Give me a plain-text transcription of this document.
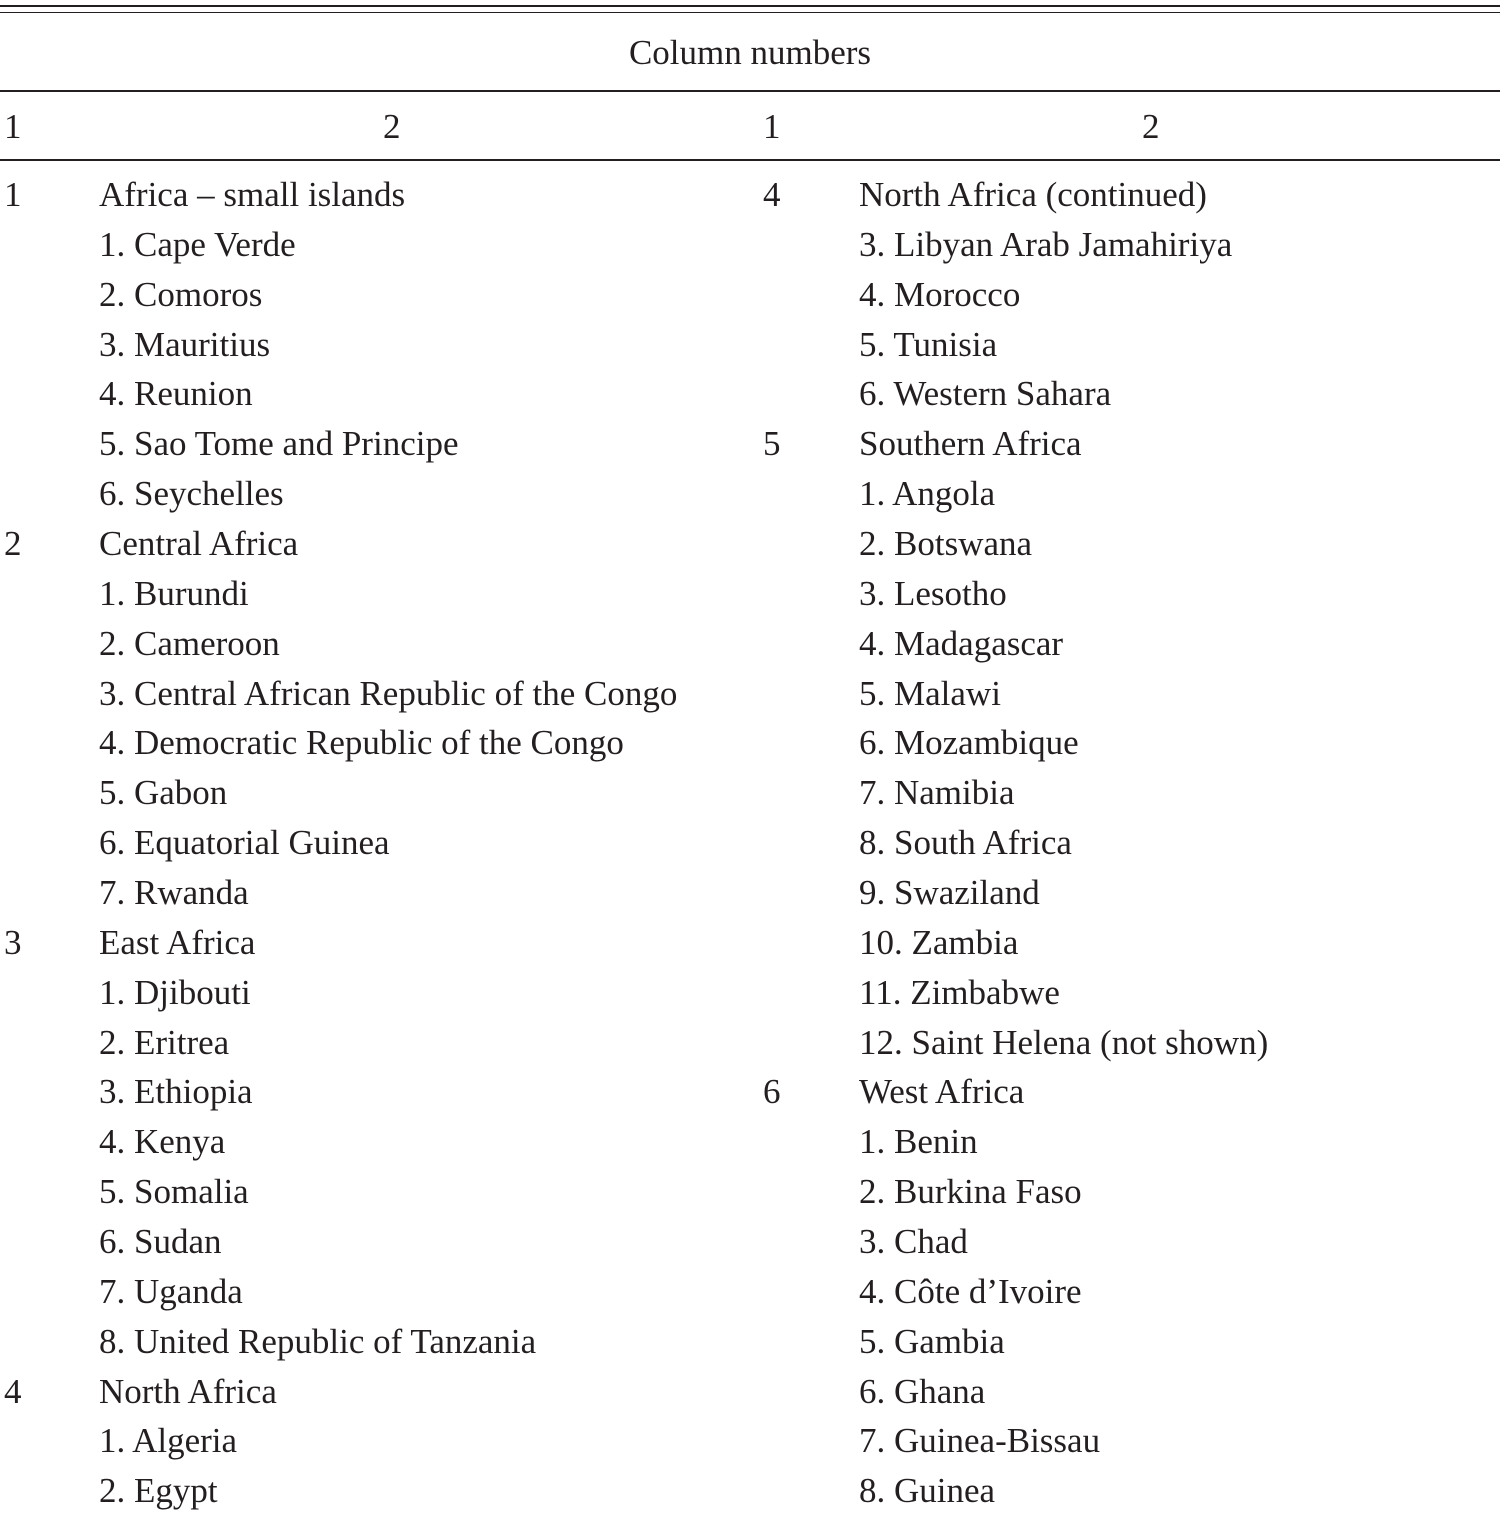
Column numbers
1	2	1	2
1 Africa – small islands	4 North Africa (continued)
1. Cape Verde	3. Libyan Arab Jamahiriya
2. Comoros	4. Morocco
3. Mauritius	5. Tunisia
4. Reunion	6. Western Sahara
5. Sao Tome and Principe	5 Southern Africa
6. Seychelles	1. Angola
2 Central Africa	2. Botswana
1. Burundi	3. Lesotho
2. Cameroon	4. Madagascar
3. Central African Republic of the Congo	5. Malawi
4. Democratic Republic of the Congo	6. Mozambique
5. Gabon	7. Namibia
6. Equatorial Guinea	8. South Africa
7. Rwanda	9. Swaziland
3 East Africa	10. Zambia
1. Djibouti	11. Zimbabwe
2. Eritrea	12. Saint Helena (not shown)
3. Ethiopia	6 West Africa
4. Kenya	1. Benin
5. Somalia	2. Burkina Faso
6. Sudan	3. Chad
7. Uganda	4. Côte d’Ivoire
8. United Republic of Tanzania	5. Gambia
4 North Africa	6. Ghana
1. Algeria	7. Guinea-Bissau
2. Egypt	8. Guinea
